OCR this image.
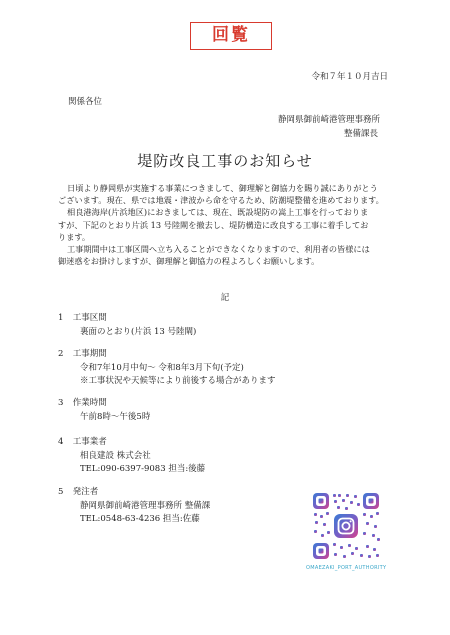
回覧
令和７年１０月吉日
関係各位
静岡県御前崎港管理事務所
整備課長
堤防改良工事のお知らせ

日頃より静岡県が実施する事業につきまして、御理解と御協力を賜り誠にありがとう

ございます。現在、県では地震・津波から命を守るため、防潮堤整備を進めております。

相良港海岸(片浜地区)におきましては、現在、既設堤防の嵩上工事を行っておりま

すが、下記のとおり片浜 13 号陸閘を撤去し、堤防構造に改良する工事に着手してお

ります。

工事期間中は工事区間へ立ち入ることができなくなりますので、利用者の皆様には

御迷惑をお掛けしますが、御理解と御協力の程よろしくお願いします。

記
1 工事区間
裏面のとおり(片浜 13 号陸閘)
2 工事期間
令和7年10月中旬～ 令和8年3月下旬(予定)
※工事状況や天候等により前後する場合があります
3 作業時間
午前8時～午後5時
4 工事業者
相良建設 株式会社
TEL:090-6397-9083 担当:後藤
5 発注者
静岡県御前崎港管理事務所 整備課
TEL:0548-63-4236 担当:佐藤
OMAEZAKI_PORT_AUTHORITY
